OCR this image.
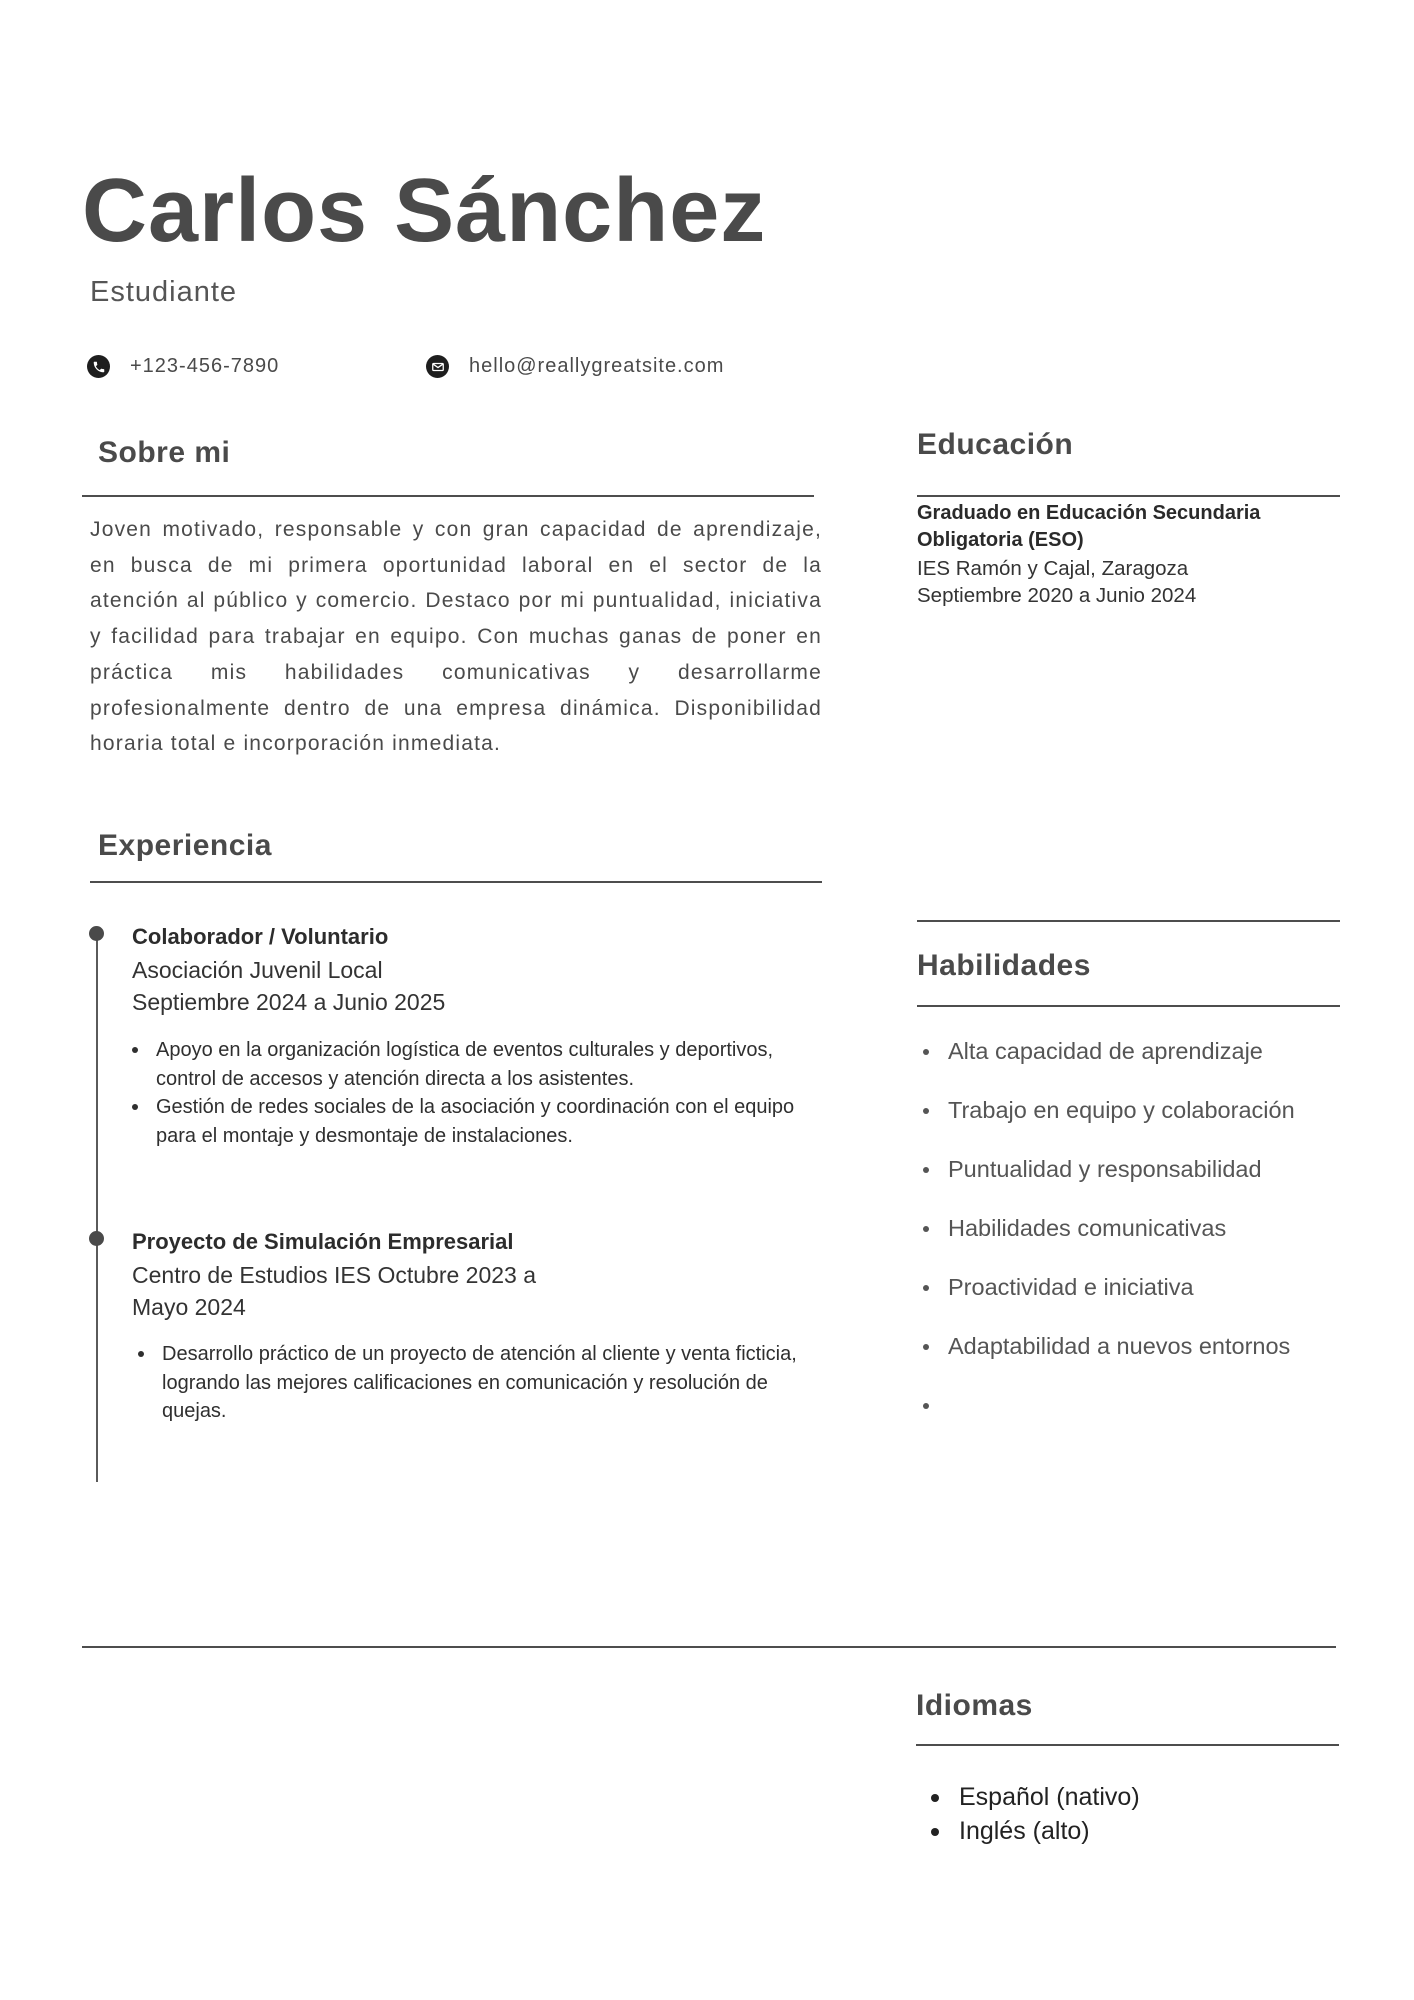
Carlos Sánchez
Estudiante
+123-456-7890	hello@reallygreatsite.com
Sobre mi
Joven motivado, responsable y con gran capacidad de aprendizaje, en busca de mi primera oportunidad laboral en el sector de la atención al público y comercio. Destaco por mi puntualidad, iniciativa y facilidad para trabajar en equipo. Con muchas ganas de poner en práctica mis habilidades comunicativas y desarrollarme profesionalmente dentro de una empresa dinámica. Disponibilidad horaria total e incorporación inmediata.
Experiencia
Colaborador / Voluntario
Asociación Juvenil Local
Septiembre 2024 a Junio 2025
Apoyo en la organización logística de eventos culturales y deportivos, control de accesos y atención directa a los asistentes.
Gestión de redes sociales de la asociación y coordinación con el equipo para el montaje y desmontaje de instalaciones.
Proyecto de Simulación Empresarial
Centro de Estudios IES Octubre 2023 a
Mayo 2024
Desarrollo práctico de un proyecto de atención al cliente y venta ficticia, logrando las mejores calificaciones en comunicación y resolución de quejas.
Educación
Graduado en Educación Secundaria Obligatoria (ESO)
IES Ramón y Cajal, Zaragoza
Septiembre 2020 a Junio 2024
Habilidades
Alta capacidad de aprendizaje
Trabajo en equipo y colaboración
Puntualidad y responsabilidad
Habilidades comunicativas
Proactividad e iniciativa
Adaptabilidad a nuevos entornos
Idiomas
Español (nativo)
Inglés (alto)
